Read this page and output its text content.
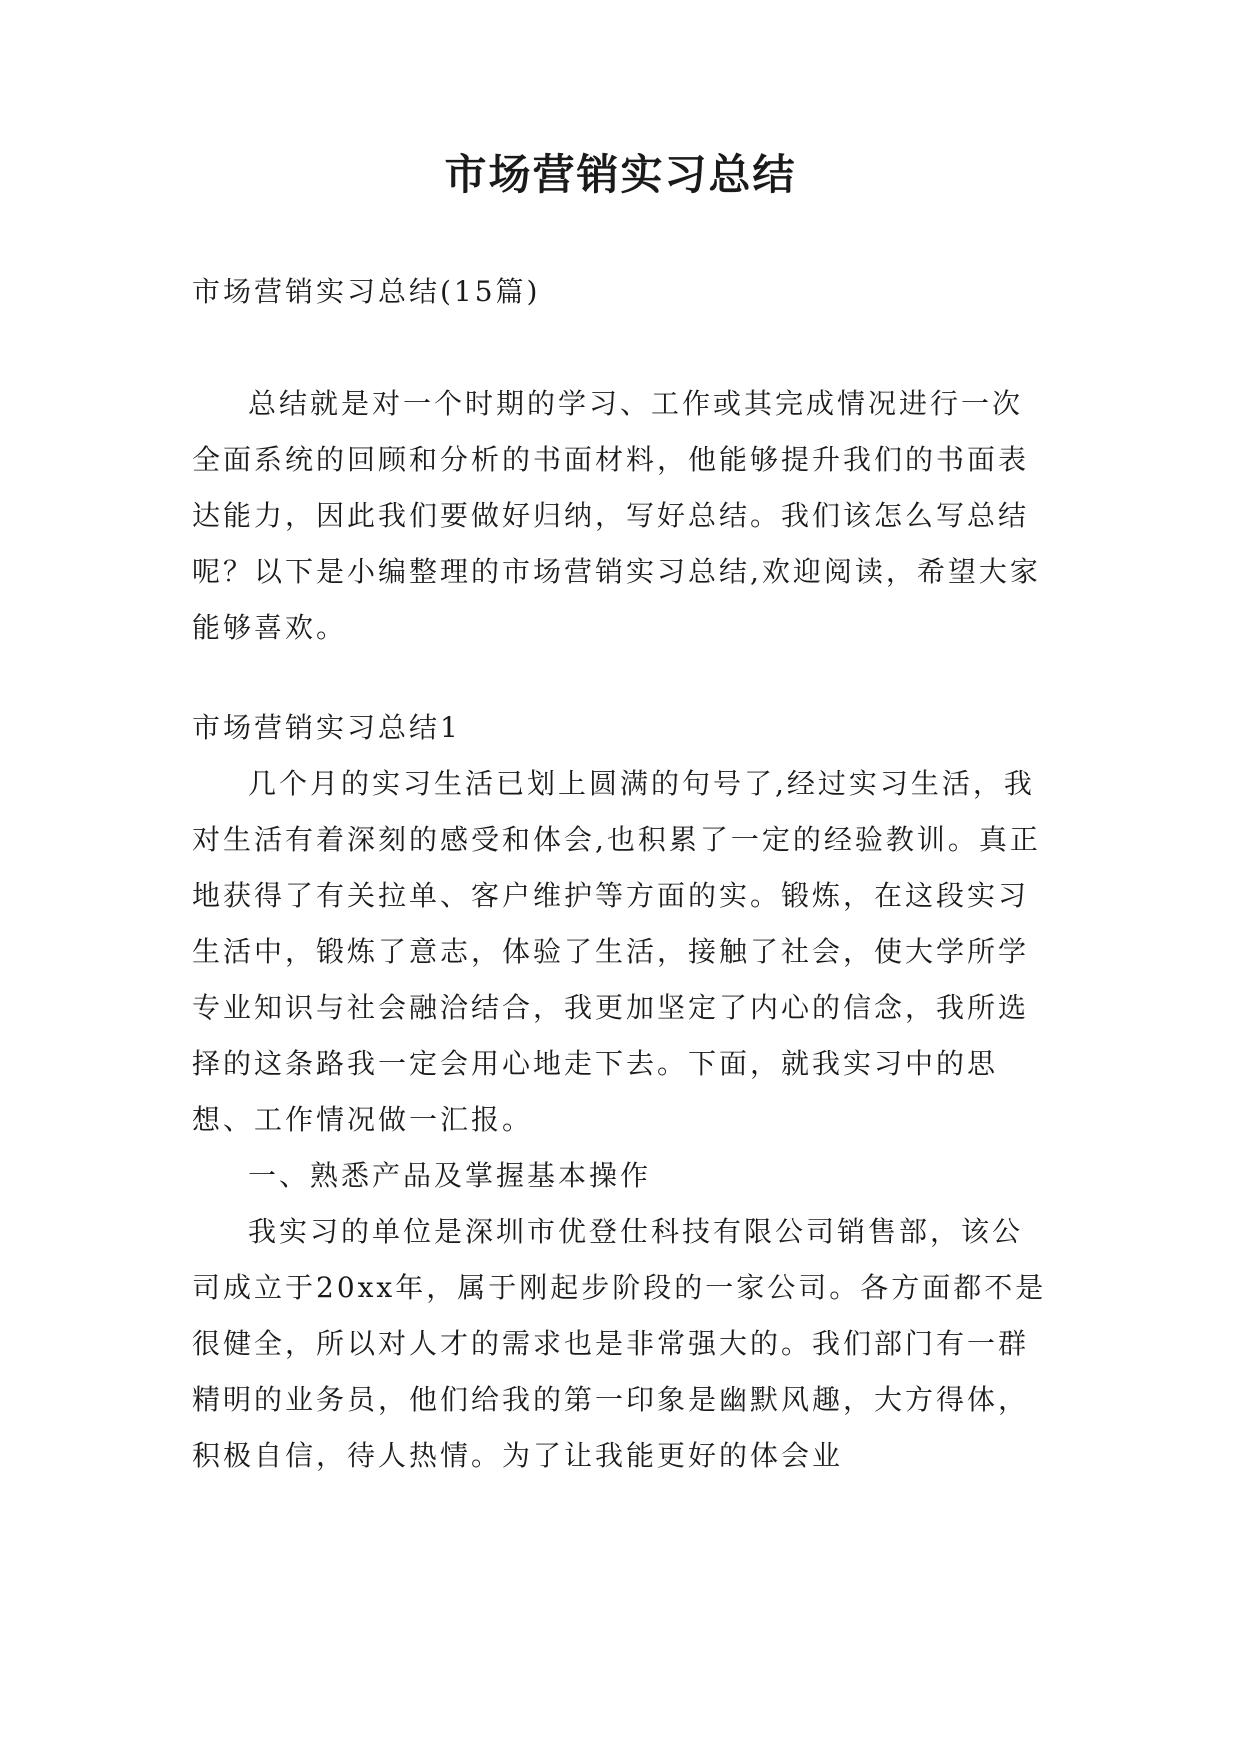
市场营销实习总结

市场营销实习总结(15篇)

总结就是对一个时期的学习、工作或其完成情况进行一次全面系统的回顾和分析的书面材料，他能够提升我们的书面表达能力，因此我们要做好归纳，写好总结。我们该怎么写总结呢？以下是小编整理的市场营销实习总结,欢迎阅读，希望大家能够喜欢。

市场营销实习总结1

几个月的实习生活已划上圆满的句号了,经过实习生活，我对生活有着深刻的感受和体会,也积累了一定的经验教训。真正地获得了有关拉单、客户维护等方面的实。锻炼，在这段实习生活中，锻炼了意志，体验了生活，接触了社会，使大学所学专业知识与社会融洽结合，我更加坚定了内心的信念，我所选择的这条路我一定会用心地走下去。下面，就我实习中的思想、工作情况做一汇报。

一、熟悉产品及掌握基本操作

我实习的单位是深圳市优登仕科技有限公司销售部，该公司成立于20xx年，属于刚起步阶段的一家公司。各方面都不是很健全，所以对人才的需求也是非常强大的。我们部门有一群精明的业务员，他们给我的第一印象是幽默风趣，大方得体，积极自信，待人热情。为了让我能更好的体会业
